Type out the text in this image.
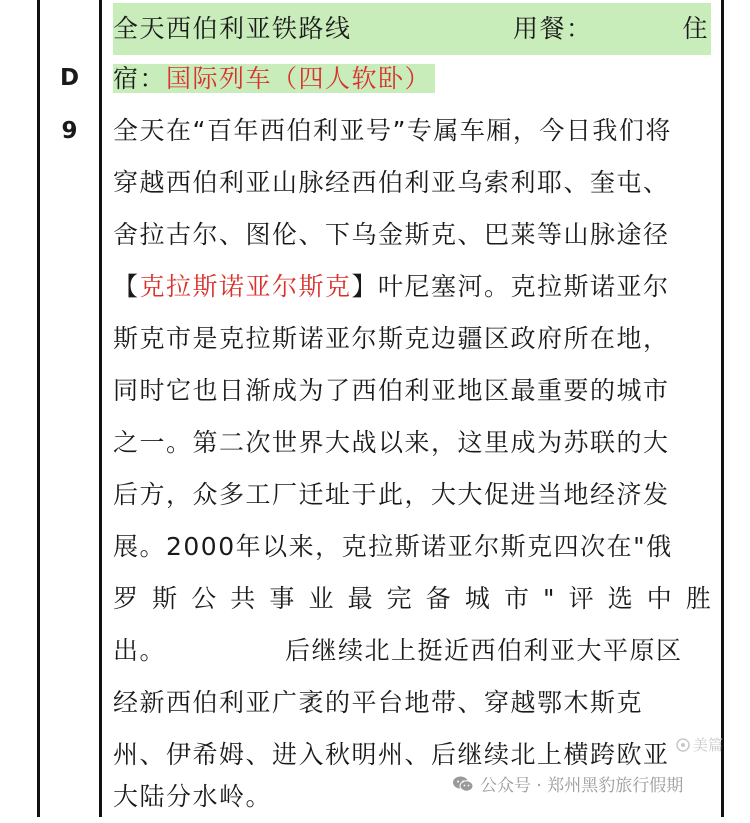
D
9
全天西伯利亚铁路线	用餐：	住
宿：国际列车（四人软卧）
全天在“百年西伯利亚号”专属车厢，今日我们将
穿越西伯利亚山脉经西伯利亚乌索利耶、奎屯、
舍拉古尔、图伦、下乌金斯克、巴莱等山脉途径
【克拉斯诺亚尔斯克】叶尼塞河。克拉斯诺亚尔
斯克市是克拉斯诺亚尔斯克边疆区政府所在地，
同时它也日渐成为了西伯利亚地区最重要的城市
之一。第二次世界大战以来，这里成为苏联的大
后方，众多工厂迁址于此，大大促进当地经济发
展。2000年以来，克拉斯诺亚尔斯克四次在"俄
罗 斯 公 共 事 业 最 完 备 城 市 " 评 选 中 胜
出。	后继续北上挺近西伯利亚大平原区
经新西伯利亚广袤的平台地带、穿越鄂木斯克
州、伊希姆、进入秋明州、后继续北上横跨欧亚
大陆分水岭。
美篇
公众号 · 郑州黑豹旅行假期
